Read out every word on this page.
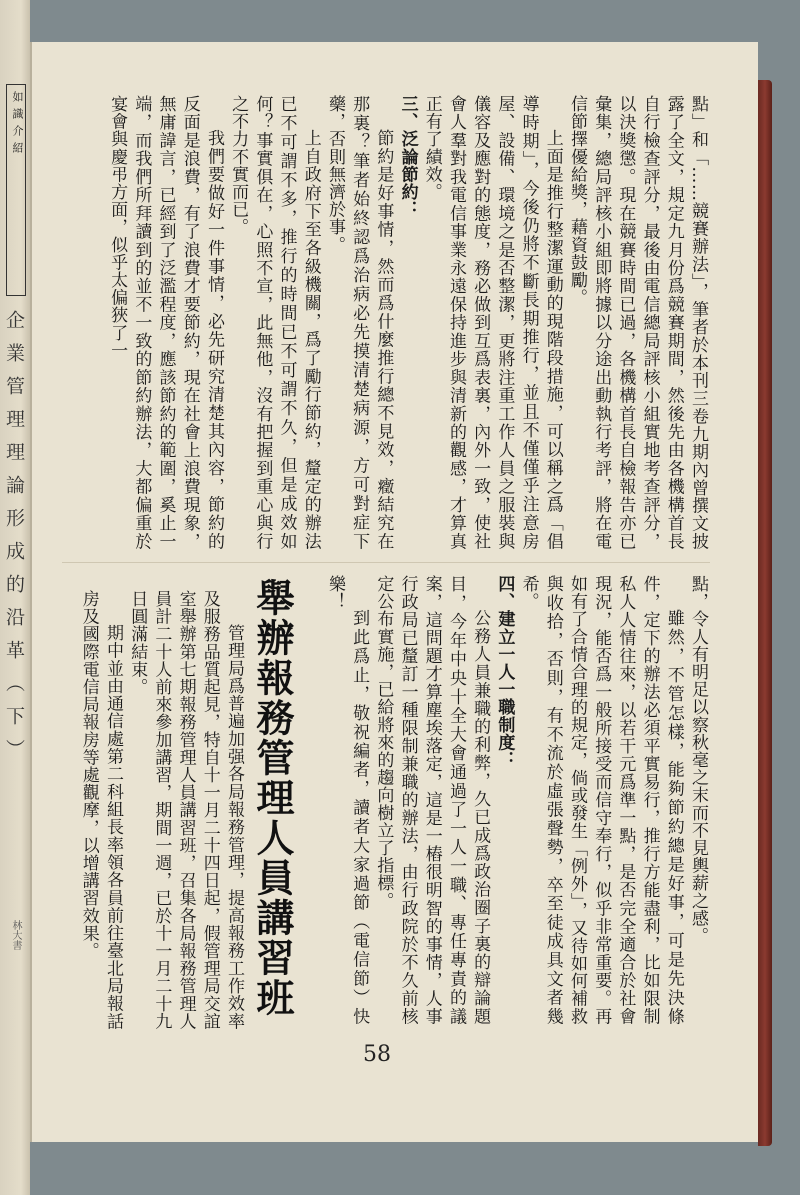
如識介紹
企業管理理論形成的沿革（下）
林大書

點」和「……競賽辦法」，筆者於本刊三卷九期內曾撰文披露了全文，規定九月份爲競賽期間，然後先由各機構首長自行檢查評分，最後由電信總局評核小組實地考查評分，以決獎懲。現在競賽時間已過，各機構首長自檢報告亦已彙集，總局評核小組即將據以分途出動執行考評，將在電信節擇優給獎，藉資鼓勵。

上面是推行整潔運動的現階段措施，可以稱之爲「倡導時期」，今後仍將不斷長期推行，並且不僅僅乎注意房屋、設備、環境之是否整潔，更將注重工作人員之服裝與儀容及應對的態度，務必做到互爲表裏，內外一致，使社會人羣對我電信事業永遠保持進步與清新的觀感，才算真正有了績效。

三、泛論節約：

節約是好事情，然而爲什麼推行總不見效，癥結究在那裏？筆者始終認爲治病必先摸清楚病源，方可對症下藥，否則無濟於事。

上自政府下至各級機關，爲了勵行節約，釐定的辦法已不可謂不多，推行的時間已不可謂不久，但是成效如何？事實俱在，心照不宣，此無他，沒有把握到重心與行之不力不實而已。

我們要做好一件事情，必先研究清楚其內容，節約的反面是浪費，有了浪費才要節約，現在社會上浪費現象，無庸諱言，已經到了泛濫程度，應該節約的範圍，奚止一端，而我們所拜讀到的並不一致的節約辦法，大都偏重於宴會與慶弔方面，似乎太偏狹了一

點，令人有明足以察秋毫之末而不見輿薪之感。

雖然，不管怎樣，能夠節約總是好事，可是先決條件，定下的辦法必須平實易行，推行方能盡利，比如限制私人人情往來，以若干元爲準一點，是否完全適合於社會現況，能否爲一般所接受而信守奉行，似乎非常重要。再如有了合情合理的規定，倘或發生「例外」，又待如何補救與收拾，否則，有不流於虛張聲勢，卒至徒成具文者幾希。

四、建立一人一職制度：

公務人員兼職的利弊，久已成爲政治圈子裏的辯論題目，今年中央十全大會通過了一人一職、專任專責的議案，這問題才算塵埃落定，這是一樁很明智的事情，人事行政局已釐訂一種限制兼職的辦法，由行政院於不久前核定公布實施，已給將來的趨向樹立了指標。

到此爲止，敬祝編者，讀者大家過節（電信節）快樂！

舉辦報務管理人員講習班

管理局爲普遍加强各局報務管理，提高報務工作效率及服務品質起見，特自十一月二十四日起，假管理局交誼室舉辦第七期報務管理人員講習班，召集各局報務管理人員計二十人前來參加講習，期間一週，已於十一月二十九日圓滿結束。

期中並由通信處第二科組長率領各員前往臺北局報話房及國際電信局報房等處觀摩，以增講習效果。

58
